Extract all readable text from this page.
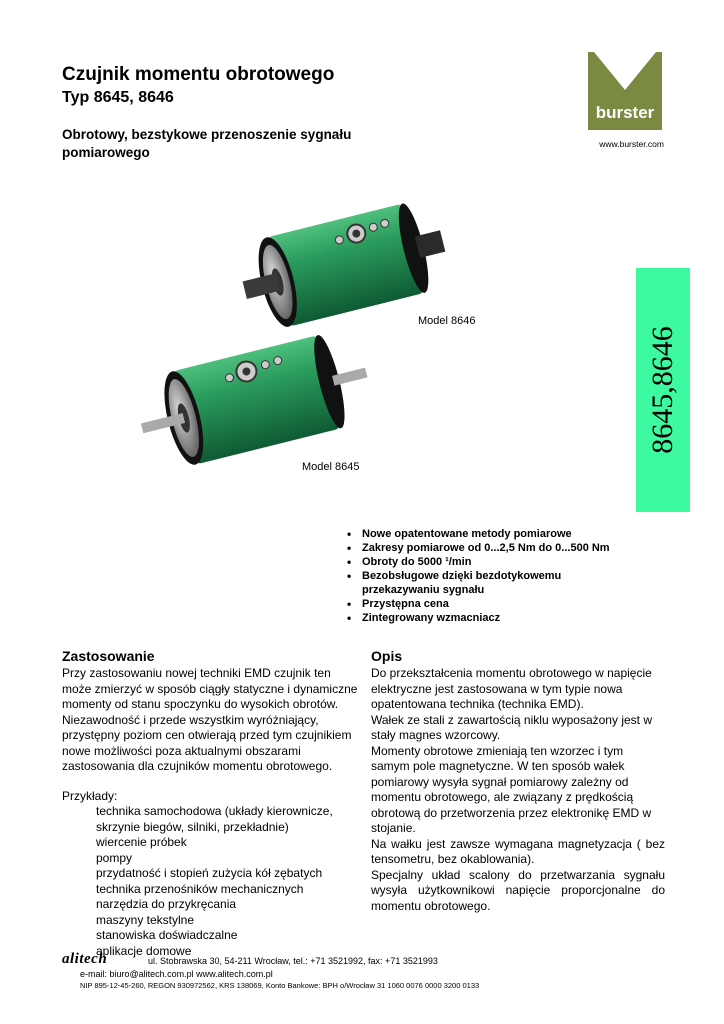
Czujnik momentu obrotowego
Typ 8645, 8646
Obrotowy, bezstykowe przenoszenie sygnału pomiarowego
burster
www.burster.com
8645,8646
Model 8646
Model 8645
• Nowe opatentowane metody pomiarowe
• Zakresy pomiarowe od 0...2,5 Nm do 0...500 Nm
• Obroty do 5000 ¹/min
• Bezobsługowe dzięki bezdotykowemu przekazywaniu sygnału
• Przystępna cena
• Zintegrowany wzmacniacz
Zastosowanie	Opis
Przy zastosowaniu nowej techniki EMD czujnik ten może zmierzyć w sposób ciągły statyczne i dynamiczne momenty od stanu spoczynku do wysokich obrotów.
Niezawodność i przede wszystkim wyróżniający, przystępny poziom cen otwierają przed tym czujnikiem nowe możliwości poza aktualnymi obszarami zastosowania dla czujników momentu obrotowego.
Przykłady:
technika samochodowa (układy kierownicze, skrzynie biegów, silniki, przekładnie)
wiercenie próbek
pompy
przydatność i stopień zużycia kół zębatych
technika przenośników mechanicznych
narzędzia do przykręcania
maszyny tekstylne
stanowiska doświadczalne
aplikacje domowe
Do przekształcenia momentu obrotowego w napięcie elektryczne jest zastosowana w tym typie nowa opatentowana technika (technika EMD).
Wałek ze stali z zawartością niklu wyposażony jest w stały magnes wzorcowy.
Momenty obrotowe zmieniają ten wzorzec i tym samym pole magnetyczne. W ten sposób wałek pomiarowy wysyła sygnał pomiarowy zależny od momentu obrotowego, ale związany z prędkością obrotową do przetworzenia przez elektronikę EMD w stojanie.
Na wałku jest zawsze wymagana magnetyzacja ( bez tensometru, bez okablowania).
Specjalny układ scalony do przetwarzania sygnału wysyła użytkownikowi napięcie proporcjonalne do momentu obrotowego.
alitech	ul. Stobrawska 30, 54-211 Wrocław, tel.: +71 3521992, fax: +71 3521993
e-mail: biuro@alitech.com.pl www.alitech.com.pl
NIP 895-12-45-260, REGON 930972562, KRS 138069, Konto Bankowe: BPH o/Wrocław 31 1060 0076 0000 3200 0133
